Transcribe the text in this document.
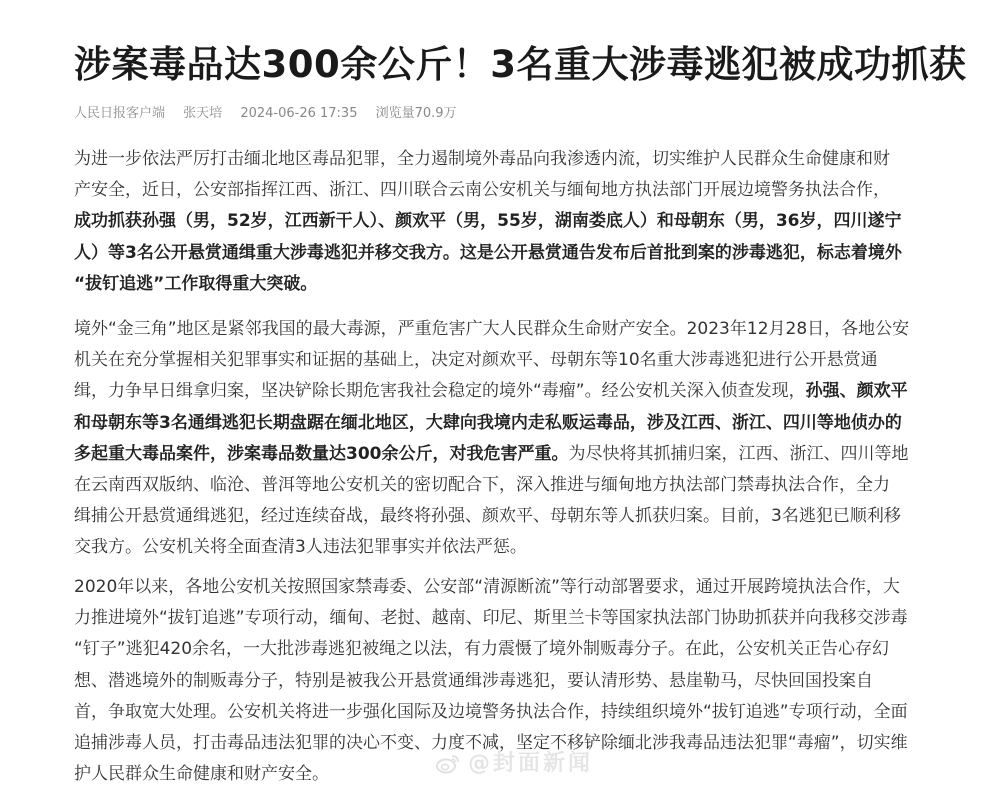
涉案毒品达300余公斤！3名重大涉毒逃犯被成功抓获
人民日报客户端 张天培 2024-06-26 17:35 浏览量70.9万
为进一步依法严厉打击缅北地区毒品犯罪，全力遏制境外毒品向我渗透内流，切实维护人民群众生命健康和财
产安全，近日，公安部指挥江西、浙江、四川联合云南公安机关与缅甸地方执法部门开展边境警务执法合作，
成功抓获孙强（男，52岁，江西新干人）、颜欢平（男，55岁，湖南娄底人）和母朝东（男，36岁，四川遂宁
人）等3名公开悬赏通缉重大涉毒逃犯并移交我方。这是公开悬赏通告发布后首批到案的涉毒逃犯，标志着境外
“拔钉追逃”工作取得重大突破。
境外“金三角”地区是紧邻我国的最大毒源，严重危害广大人民群众生命财产安全。2023年12月28日，各地公安
机关在充分掌握相关犯罪事实和证据的基础上，决定对颜欢平、母朝东等10名重大涉毒逃犯进行公开悬赏通
缉，力争早日缉拿归案，坚决铲除长期危害我社会稳定的境外“毒瘤”。经公安机关深入侦查发现，孙强、颜欢平
和母朝东等3名通缉逃犯长期盘踞在缅北地区，大肆向我境内走私贩运毒品，涉及江西、浙江、四川等地侦办的
多起重大毒品案件，涉案毒品数量达300余公斤，对我危害严重。为尽快将其抓捕归案，江西、浙江、四川等地
在云南西双版纳、临沧、普洱等地公安机关的密切配合下，深入推进与缅甸地方执法部门禁毒执法合作，全力
缉捕公开悬赏通缉逃犯，经过连续奋战，最终将孙强、颜欢平、母朝东等人抓获归案。目前，3名逃犯已顺利移
交我方。公安机关将全面查清3人违法犯罪事实并依法严惩。
2020年以来，各地公安机关按照国家禁毒委、公安部“清源断流”等行动部署要求，通过开展跨境执法合作，大
力推进境外“拔钉追逃”专项行动，缅甸、老挝、越南、印尼、斯里兰卡等国家执法部门协助抓获并向我移交涉毒
“钉子”逃犯420余名，一大批涉毒逃犯被绳之以法，有力震慑了境外制贩毒分子。在此，公安机关正告心存幻
想、潜逃境外的制贩毒分子，特别是被我公开悬赏通缉涉毒逃犯，要认清形势、悬崖勒马，尽快回国投案自
首，争取宽大处理。公安机关将进一步强化国际及边境警务执法合作，持续组织境外“拔钉追逃”专项行动，全面
追捕涉毒人员，打击毒品违法犯罪的决心不变、力度不减，坚定不移铲除缅北涉我毒品违法犯罪“毒瘤”，切实维
护人民群众生命健康和财产安全。	@封面新闻
